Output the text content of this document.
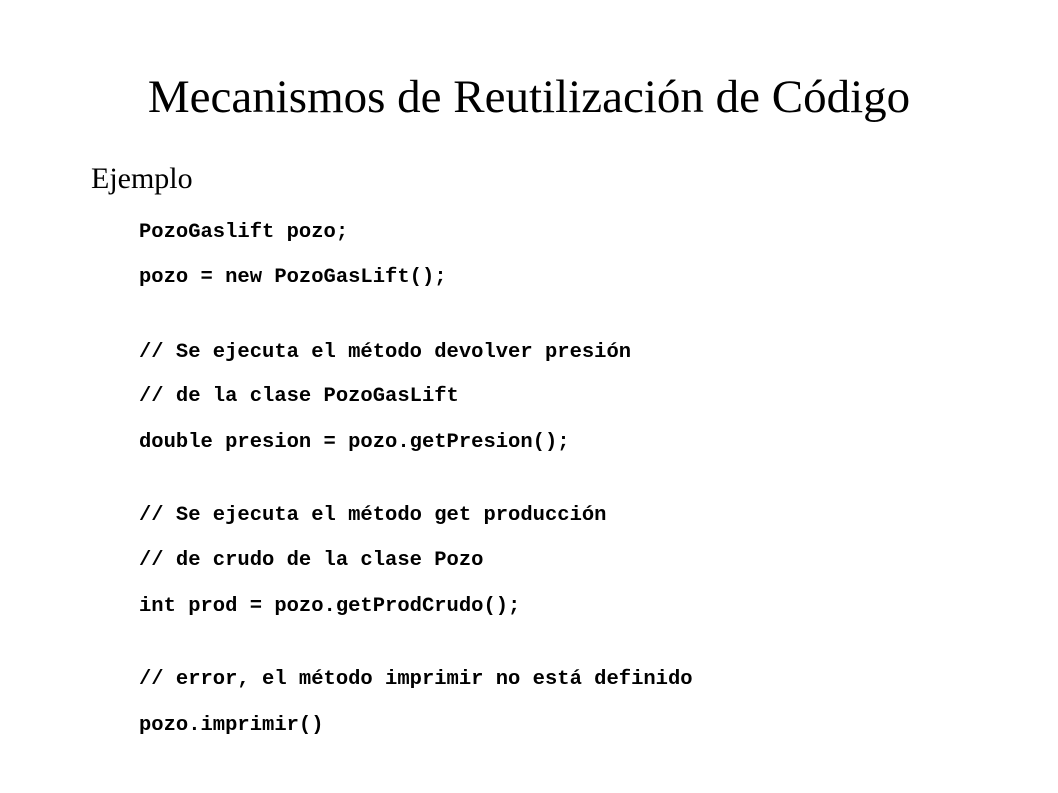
Mecanismos de Reutilización de Código
Ejemplo
PozoGaslift pozo;
pozo = new PozoGasLift();
// Se ejecuta el método devolver presión
// de la clase PozoGasLift
double presion = pozo.getPresion();
// Se ejecuta el método get producción
// de crudo de la clase Pozo
int prod = pozo.getProdCrudo();
// error, el método imprimir no está definido
pozo.imprimir()
